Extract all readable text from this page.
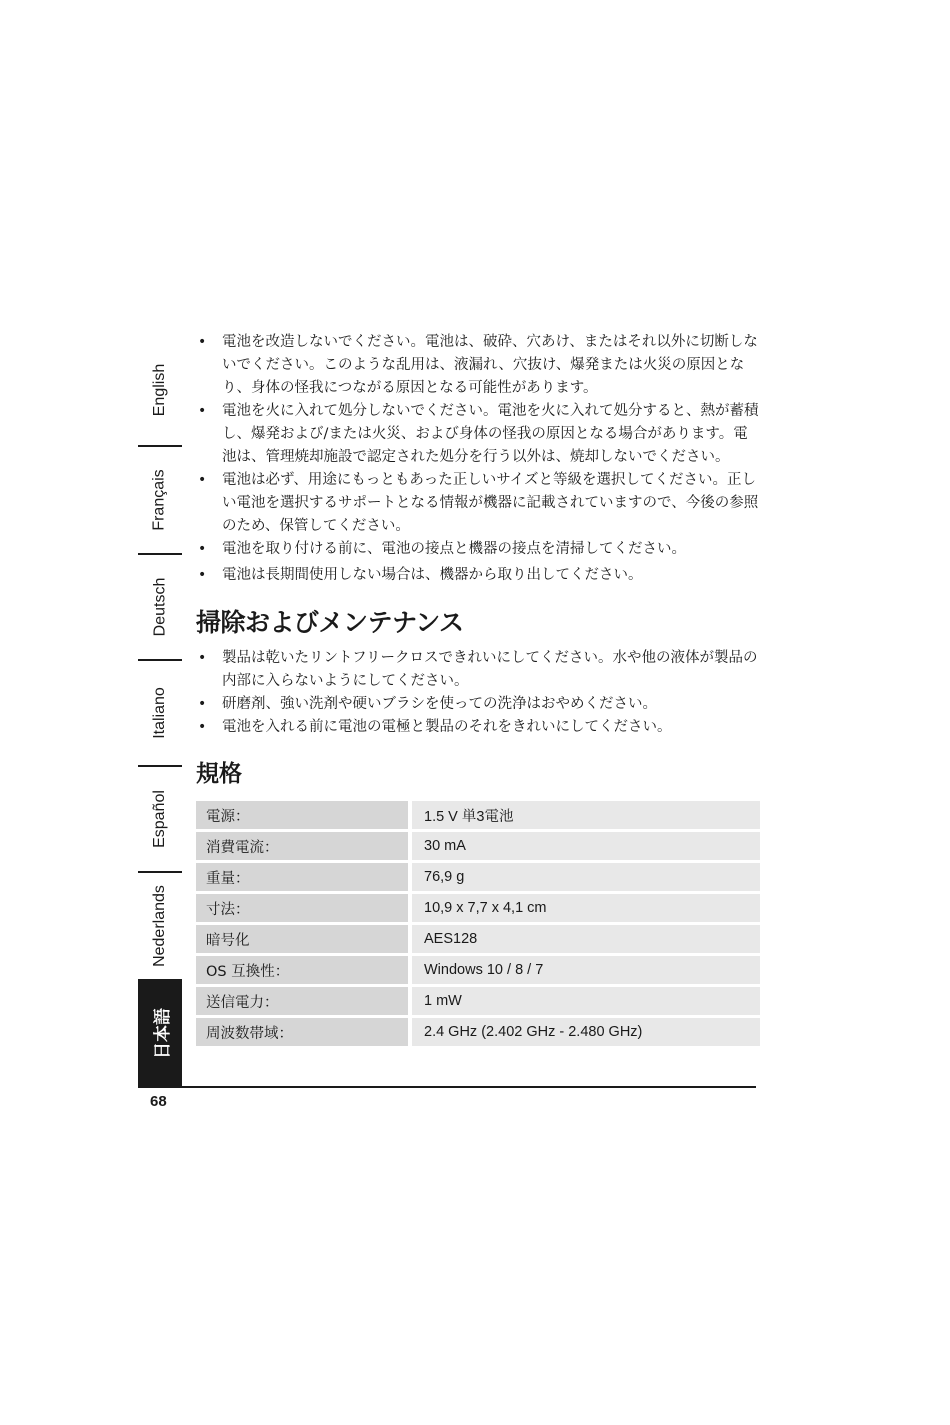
English
Français
Deutsch
Italiano
Español
Nederlands
日本語
• 電池を改造しないでください。電池は、破砕、穴あけ、またはそれ以外に切断しないでください。このような乱用は、液漏れ、穴抜け、爆発または火災の原因となり、身体の怪我につながる原因となる可能性があります。
• 電池を火に入れて処分しないでください。電池を火に入れて処分すると、熱が蓄積し、爆発および/または火災、および身体の怪我の原因となる場合があります。電池は、管理焼却施設で認定された処分を行う以外は、焼却しないでください。
• 電池は必ず、用途にもっともあった正しいサイズと等級を選択してください。正しい電池を選択するサポートとなる情報が機器に記載されていますので、今後の参照のため、保管してください。
• 電池を取り付ける前に、電池の接点と機器の接点を清掃してください。
• 電池は長期間使用しない場合は、機器から取り出してください。
掃除およびメンテナンス
• 製品は乾いたリントフリークロスできれいにしてください。水や他の液体が製品の内部に入らないようにしてください。
• 研磨剤、強い洗剤や硬いブラシを使っての洗浄はおやめください。
• 電池を入れる前に電池の電極と製品のそれをきれいにしてください。
規格
電源：	1.5 V 単3電池
消費電流：	30 mA
重量：	76,9 g
寸法：	10,9 x 7,7 x 4,1 cm
暗号化	AES128
OS 互換性：	Windows 10 / 8 / 7
送信電力：	1 mW
周波数帯域：	2.4 GHz (2.402 GHz - 2.480 GHz)
68
